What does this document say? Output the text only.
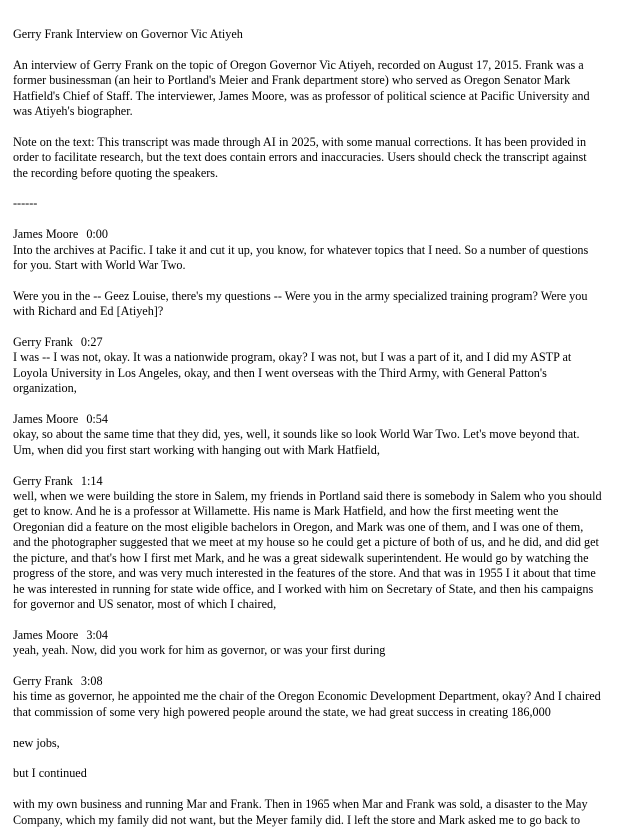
Gerry Frank Interview on Governor Vic Atiyeh

An interview of Gerry Frank on the topic of Oregon Governor Vic Atiyeh, recorded on August 17, 2015. Frank was a former businessman (an heir to Portland's Meier and Frank department store) who served as Oregon Senator Mark Hatfield's Chief of Staff. The interviewer, James Moore, was as professor of political science at Pacific University and was Atiyeh's biographer.

Note on the text: This transcript was made through AI in 2025, with some manual corrections. It has been provided in order to facilitate research, but the text does contain errors and inaccuracies. Users should check the transcript against the recording before quoting the speakers.

------

James Moore 0:00

Into the archives at Pacific. I take it and cut it up, you know, for whatever topics that I need. So a number of questions for you. Start with World War Two.

Were you in the -- Geez Louise, there's my questions -- Were you in the army specialized training program? Were you with Richard and Ed [Atiyeh]?

Gerry Frank 0:27

I was -- I was not, okay. It was a nationwide program, okay? I was not, but I was a part of it, and I did my ASTP at Loyola University in Los Angeles, okay, and then I went overseas with the Third Army, with General Patton's organization,

James Moore 0:54

okay, so about the same time that they did, yes, well, it sounds like so look World War Two. Let's move beyond that. Um, when did you first start working with hanging out with Mark Hatfield,

Gerry Frank 1:14

well, when we were building the store in Salem, my friends in Portland said there is somebody in Salem who you should get to know. And he is a professor at Willamette. His name is Mark Hatfield, and how the first meeting went the Oregonian did a feature on the most eligible bachelors in Oregon, and Mark was one of them, and I was one of them, and the photographer suggested that we meet at my house so he could get a picture of both of us, and he did, and did get the picture, and that's how I first met Mark, and he was a great sidewalk superintendent. He would go by watching the progress of the store, and was very much interested in the features of the store. And that was in 1955 I it about that time he was interested in running for state wide office, and I worked with him on Secretary of State, and then his campaigns for governor and US senator, most of which I chaired,

James Moore 3:04

yeah, yeah. Now, did you work for him as governor, or was your first during

Gerry Frank 3:08

his time as governor, he appointed me the chair of the Oregon Economic Development Department, okay? And I chaired that commission of some very high powered people around the state, we had great success in creating 186,000

new jobs,

but I continued

with my own business and running Mar and Frank. Then in 1965 when Mar and Frank was sold, a disaster to the May Company, which my family did not want, but the Meyer family did. I left the store and Mark asked me to go back to
